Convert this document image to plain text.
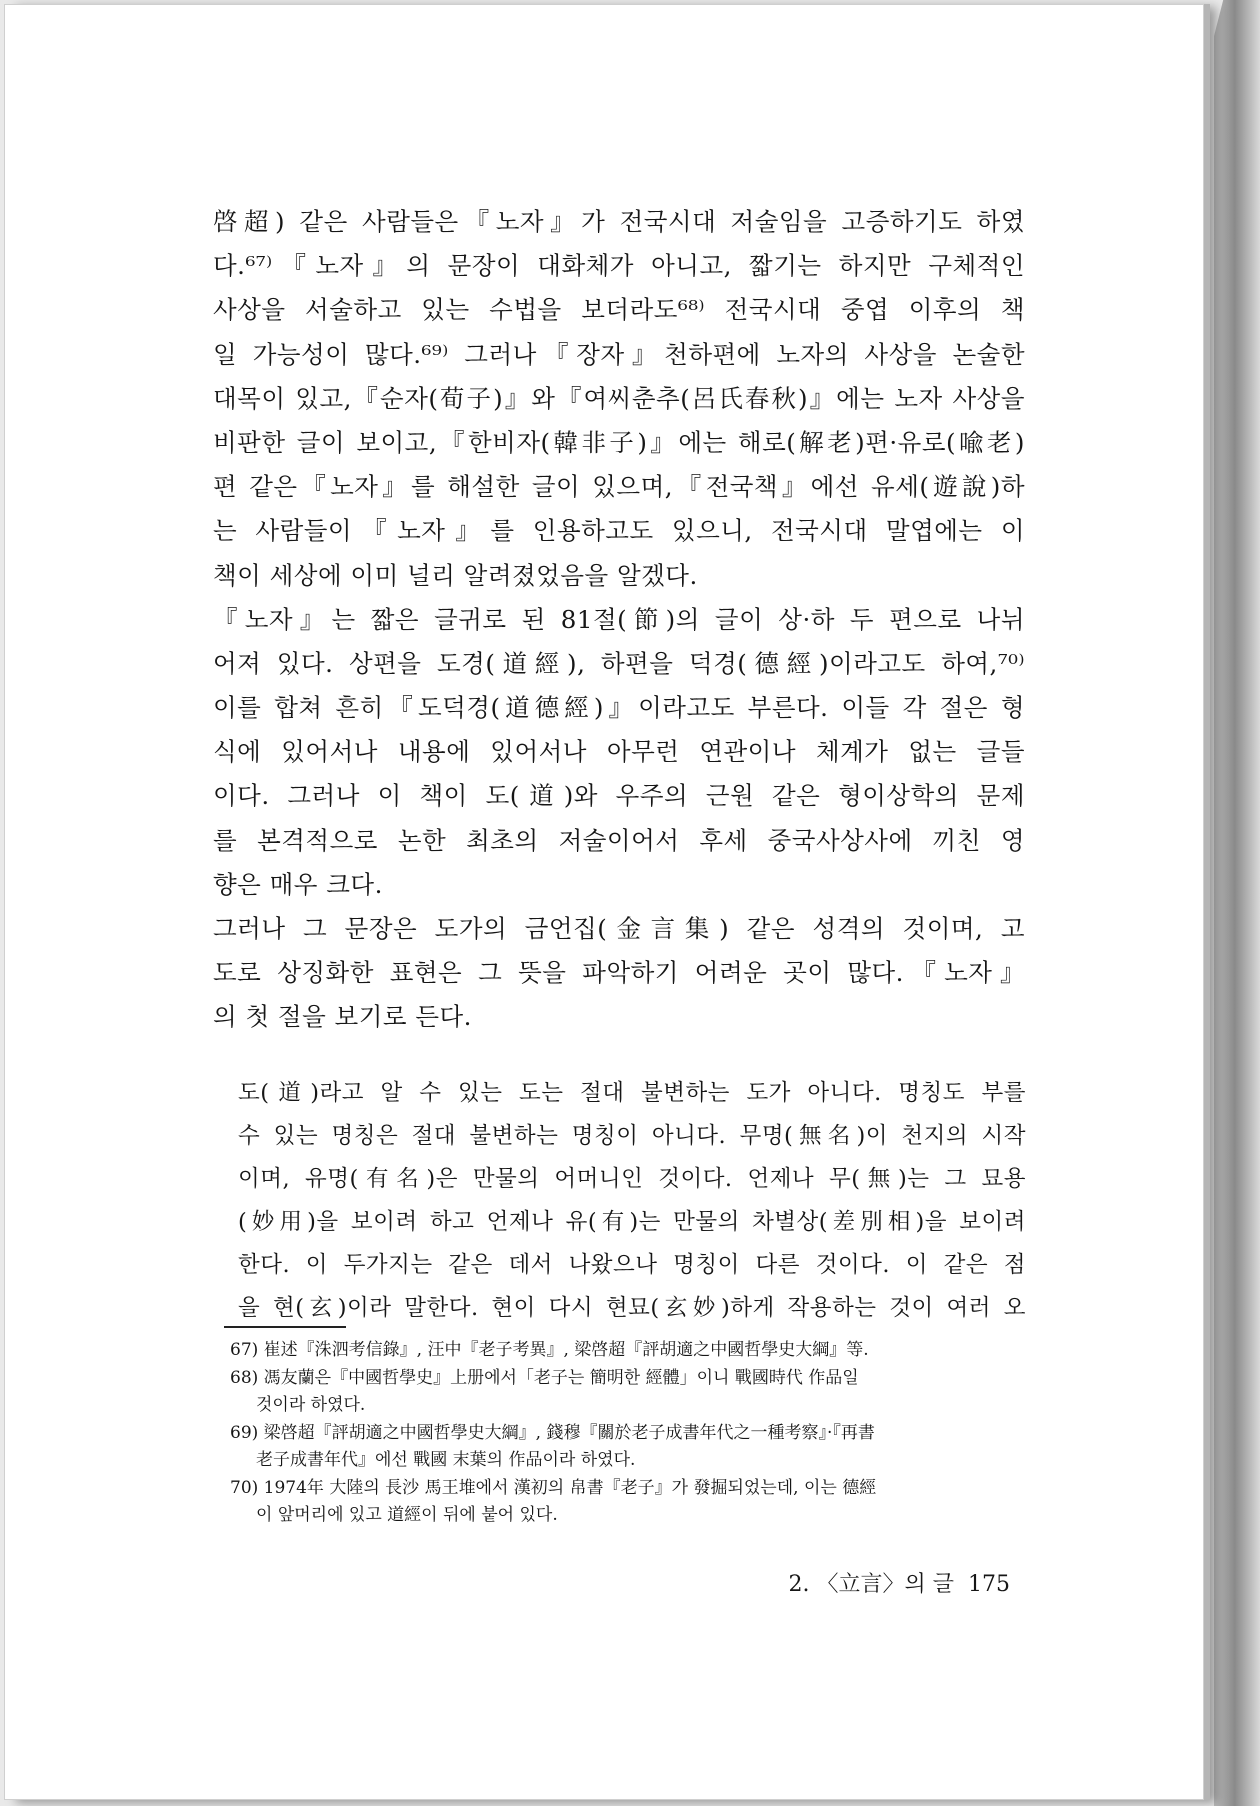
啓超) 같은 사람들은『노자』가 전국시대 저술임을 고증하기도 하였
다.⁶⁷⁾『노자』의 문장이 대화체가 아니고, 짧기는 하지만 구체적인
사상을 서술하고 있는 수법을 보더라도⁶⁸⁾ 전국시대 중엽 이후의 책
일 가능성이 많다.⁶⁹⁾ 그러나『장자』천하편에 노자의 사상을 논술한
대목이 있고,『순자(荀子)』와『여씨춘추(呂氏春秋)』에는 노자 사상을
비판한 글이 보이고,『한비자(韓非子)』에는 해로(解老)편·유로(喩老)
편 같은『노자』를 해설한 글이 있으며,『전국책』에선 유세(遊說)하
는 사람들이『노자』를 인용하고도 있으니, 전국시대 말엽에는 이
책이 세상에 이미 널리 알려졌었음을 알겠다.
『노자』는 짧은 글귀로 된 81절(節)의 글이 상·하 두 편으로 나뉘
어져 있다. 상편을 도경(道經), 하편을 덕경(德經)이라고도 하여,⁷⁰⁾
이를 합쳐 흔히『도덕경(道德經)』이라고도 부른다. 이들 각 절은 형
식에 있어서나 내용에 있어서나 아무런 연관이나 체계가 없는 글들
이다. 그러나 이 책이 도(道)와 우주의 근원 같은 형이상학의 문제
를 본격적으로 논한 최초의 저술이어서 후세 중국사상사에 끼친 영
향은 매우 크다.
그러나 그 문장은 도가의 금언집(金言集) 같은 성격의 것이며, 고
도로 상징화한 표현은 그 뜻을 파악하기 어려운 곳이 많다.『노자』
의 첫 절을 보기로 든다.
도(道)라고 알 수 있는 도는 절대 불변하는 도가 아니다. 명칭도 부를
수 있는 명칭은 절대 불변하는 명칭이 아니다. 무명(無名)이 천지의 시작
이며, 유명(有名)은 만물의 어머니인 것이다. 언제나 무(無)는 그 묘용
(妙用)을 보이려 하고 언제나 유(有)는 만물의 차별상(差別相)을 보이려
한다. 이 두가지는 같은 데서 나왔으나 명칭이 다른 것이다. 이 같은 점
을 현(玄)이라 말한다. 현이 다시 현묘(玄妙)하게 작용하는 것이 여러 오
67) 崔述『洙泗考信錄』, 汪中『老子考異』, 梁啓超『評胡適之中國哲學史大綱』等.
68) 馮友蘭은『中國哲學史』上册에서「老子는 簡明한 經體」이니 戰國時代 作品일
것이라 하였다.
69) 梁啓超『評胡適之中國哲學史大綱』, 錢穆『關於老子成書年代之一種考察』·『再書
老子成書年代』에선 戰國 末葉의 作品이라 하였다.
70) 1974年 大陸의 長沙 馬王堆에서 漢初의 帛書『老子』가 發掘되었는데, 이는 德經
이 앞머리에 있고 道經이 뒤에 붙어 있다.
2. 〈立言〉의 글 175
